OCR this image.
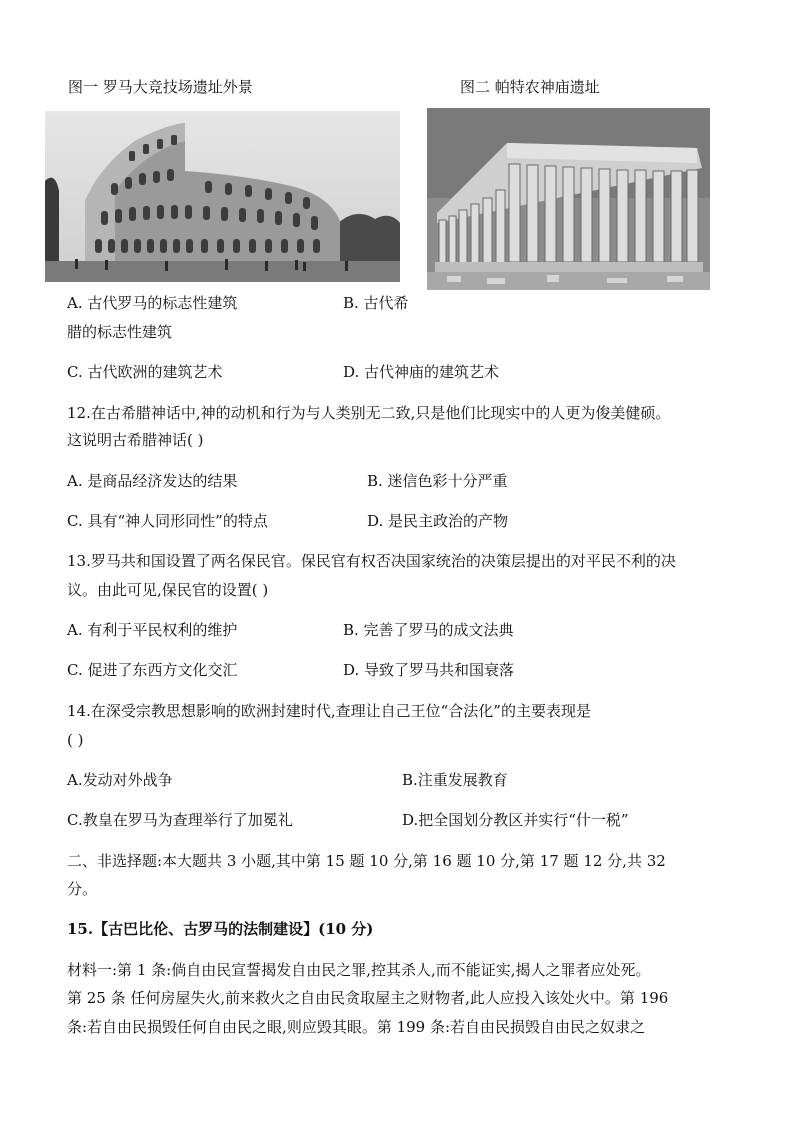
图一 罗马大竞技场遗址外景	图二 帕特农神庙遗址
A. 古代罗马的标志性建筑	B. 古代希
腊的标志性建筑
C. 古代欧洲的建筑艺术	D. 古代神庙的建筑艺术
12.在古希腊神话中,神的动机和行为与人类别无二致,只是他们比现实中的人更为俊美健硕。
这说明古希腊神话( )
A. 是商品经济发达的结果	B. 迷信色彩十分严重
C. 具有“神人同形同性”的特点	D. 是民主政治的产物
13.罗马共和国设置了两名保民官。保民官有权否决国家统治的决策层提出的对平民不利的决
议。由此可见,保民官的设置( )
A. 有利于平民权利的维护	B. 完善了罗马的成文法典
C. 促进了东西方文化交汇	D. 导致了罗马共和国衰落
14.在深受宗教思想影响的欧洲封建时代,查理让自己王位“合法化”的主要表现是
( )
A.发动对外战争	B.注重发展教育
C.教皇在罗马为查理举行了加冕礼	D.把全国划分教区并实行“什一税”
二、非选择题:本大题共 3 小题,其中第 15 题 10 分,第 16 题 10 分,第 17 题 12 分,共 32
分。
15.【古巴比伦、古罗马的法制建设】(10 分)
材料一:第 1 条:倘自由民宣誓揭发自由民之罪,控其杀人,而不能证实,揭人之罪者应处死。
第 25 条 任何房屋失火,前来救火之自由民贪取屋主之财物者,此人应投入该处火中。第 196
条:若自由民损毁任何自由民之眼,则应毁其眼。第 199 条:若自由民损毁自由民之奴隶之
